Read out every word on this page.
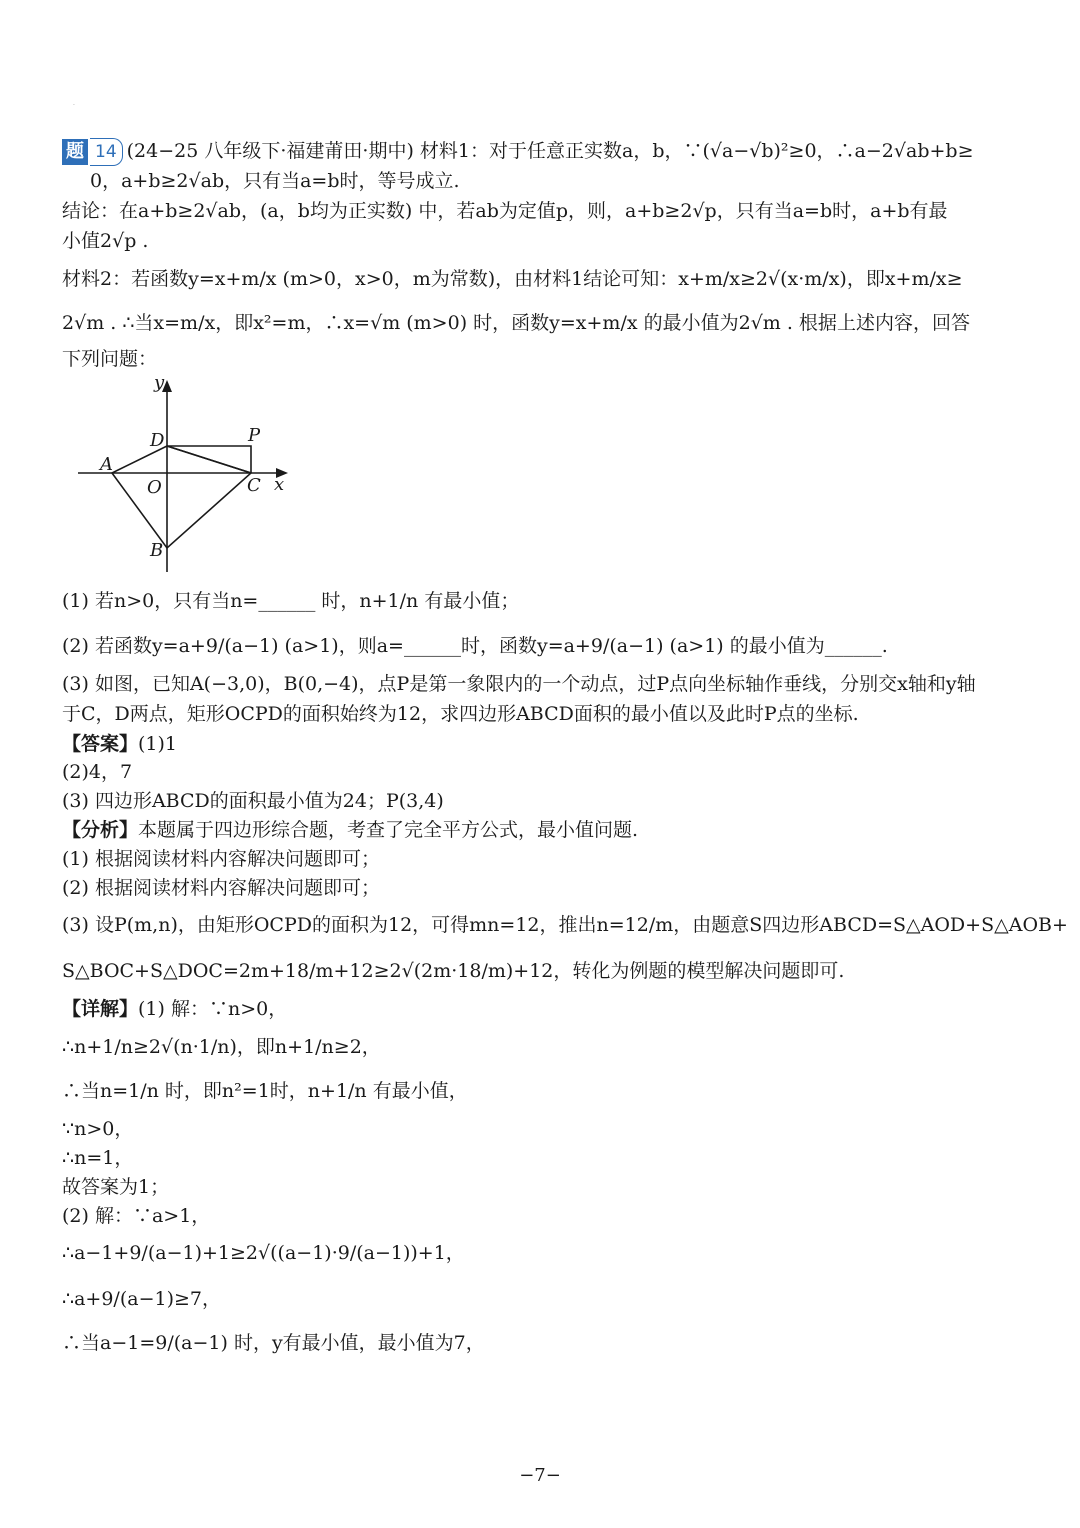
.
题 14 (24−25 八年级下·福建莆田·期中) 材料1：对于任意正实数a，b，∵(√a−√b)²≥0，∴a−2√ab+b≥
0，a+b≥2√ab，只有当a=b时，等号成立.
结论：在a+b≥2√ab，(a，b均为正实数) 中，若ab为定值p，则，a+b≥2√p，只有当a=b时，a+b有最
小值2√p .
材料2：若函数y=x+m/x (m>0，x>0，m为常数)，由材料1结论可知：x+m/x≥2√(x·m/x)，即x+m/x≥
2√m . ∴当x=m/x，即x²=m，∴x=√m (m>0) 时，函数y=x+m/x 的最小值为2√m . 根据上述内容，回答
下列问题：
y
x
A
B
C
D
O
P
(1) 若n>0，只有当n=______ 时，n+1/n 有最小值；
(2) 若函数y=a+9/(a−1) (a>1)，则a=______时，函数y=a+9/(a−1) (a>1) 的最小值为______.
(3) 如图，已知A(−3,0)，B(0,−4)，点P是第一象限内的一个动点，过P点向坐标轴作垂线，分别交x轴和y轴
于C，D两点，矩形OCPD的面积始终为12，求四边形ABCD面积的最小值以及此时P点的坐标.
【答案】(1)1
(2)4，7
(3) 四边形ABCD的面积最小值为24；P(3,4)
【分析】本题属于四边形综合题，考查了完全平方公式，最小值问题.
(1) 根据阅读材料内容解决问题即可；
(2) 根据阅读材料内容解决问题即可；
(3) 设P(m,n)，由矩形OCPD的面积为12，可得mn=12，推出n=12/m，由题意S四边形ABCD=S△AOD+S△AOB+
S△BOC+S△DOC=2m+18/m+12≥2√(2m·18/m)+12，转化为例题的模型解决问题即可.
【详解】(1) 解：∵n>0，
∴n+1/n≥2√(n·1/n)，即n+1/n≥2，
∴当n=1/n 时，即n²=1时，n+1/n 有最小值，
∵n>0，
∴n=1，
故答案为1；
(2) 解：∵a>1，
∴a−1+9/(a−1)+1≥2√((a−1)·9/(a−1))+1，
∴a+9/(a−1)≥7，
∴当a−1=9/(a−1) 时，y有最小值，最小值为7，
−7−
